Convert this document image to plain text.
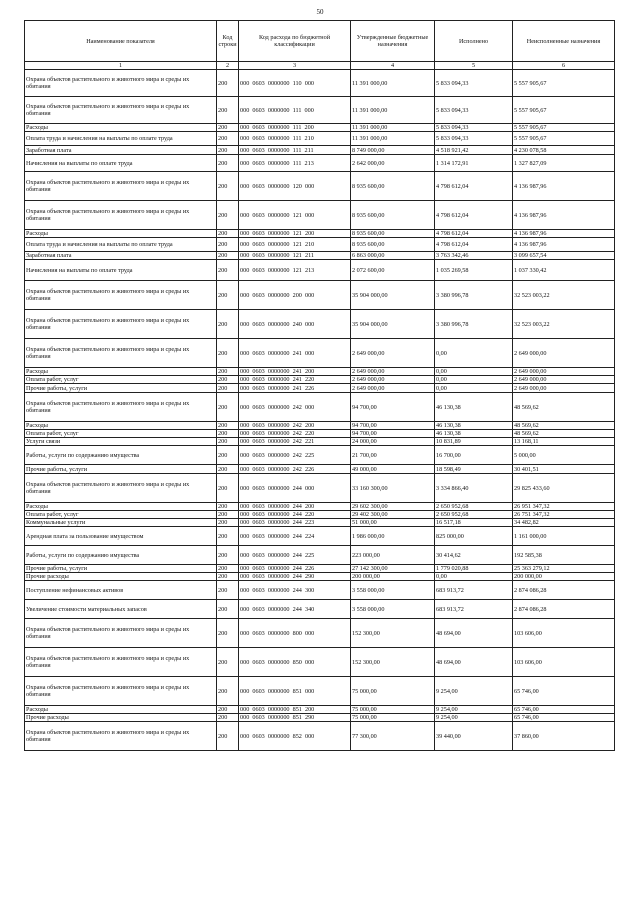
50
Наименование показателя	Код строки	Код расхода по бюджетной классификации	Утвержденные бюджетные назначения	Исполнено	Неисполненные назначения
1	2	3	4	5	6
Охрана объектов растительного и животного мира и среды их обитания	200	000  0603  0000000  110  000	11 391 000,00	5 833 094,33	5 557 905,67
Охрана объектов растительного и животного мира и среды их обитания	200	000  0603  0000000  111  000	11 391 000,00	5 833 094,33	5 557 905,67
Расходы	200	000  0603  0000000  111  200	11 391 000,00	5 833 094,33	5 557 905,67
Оплата труда и начисления на выплаты по оплате труда	200	000  0603  0000000  111  210	11 391 000,00	5 833 094,33	5 557 905,67
Заработная плата	200	000  0603  0000000  111  211	8 749 000,00	4 518 921,42	4 230 078,58
Начисления на выплаты по оплате труда	200	000  0603  0000000  111  213	2 642 000,00	1 314 172,91	1 327 827,09
Охрана объектов растительного и животного мира и среды их обитания	200	000  0603  0000000  120  000	8 935 600,00	4 798 612,04	4 136 987,96
Охрана объектов растительного и животного мира и среды их обитания	200	000  0603  0000000  121  000	8 935 600,00	4 798 612,04	4 136 987,96
Расходы	200	000  0603  0000000  121  200	8 935 600,00	4 798 612,04	4 136 987,96
Оплата труда и начисления на выплаты по оплате труда	200	000  0603  0000000  121  210	8 935 600,00	4 798 612,04	4 136 987,96
Заработная плата	200	000  0603  0000000  121  211	6 863 000,00	3 763 342,46	3 099 657,54
Начисления на выплаты по оплате труда	200	000  0603  0000000  121  213	2 072 600,00	1 035 269,58	1 037 330,42
Охрана объектов растительного и животного мира и среды их обитания	200	000  0603  0000000  200  000	35 904 000,00	3 380 996,78	32 523 003,22
Охрана объектов растительного и животного мира и среды их обитания	200	000  0603  0000000  240  000	35 904 000,00	3 380 996,78	32 523 003,22
Охрана объектов растительного и животного мира и среды их обитания	200	000  0603  0000000  241  000	2 649 000,00	0,00	2 649 000,00
Расходы	200	000  0603  0000000  241  200	2 649 000,00	0,00	2 649 000,00
Оплата работ, услуг	200	000  0603  0000000  241  220	2 649 000,00	0,00	2 649 000,00
Прочие работы, услуги	200	000  0603  0000000  241  226	2 649 000,00	0,00	2 649 000,00
Охрана объектов растительного и животного мира и среды их обитания	200	000  0603  0000000  242  000	94 700,00	46 130,38	48 569,62
Расходы	200	000  0603  0000000  242  200	94 700,00	46 130,38	48 569,62
Оплата работ, услуг	200	000  0603  0000000  242  220	94 700,00	46 130,38	48 569,62
Услуги связи	200	000  0603  0000000  242  221	24 000,00	10 831,89	13 168,11
Работы, услуги по содержанию имущества	200	000  0603  0000000  242  225	21 700,00	16 700,00	5 000,00
Прочие работы, услуги	200	000  0603  0000000  242  226	49 000,00	18 598,49	30 401,51
Охрана объектов растительного и животного мира и среды их обитания	200	000  0603  0000000  244  000	33 160 300,00	3 334 866,40	29 825 433,60
Расходы	200	000  0603  0000000  244  200	29 602 300,00	2 650 952,68	26 951 347,32
Оплата работ, услуг	200	000  0603  0000000  244  220	29 402 300,00	2 650 952,68	26 751 347,32
Коммунальные услуги	200	000  0603  0000000  244  223	51 000,00	16 517,18	34 482,82
Арендная плата за пользование имуществом	200	000  0603  0000000  244  224	1 986 000,00	825 000,00	1 161 000,00
Работы, услуги по содержанию имущества	200	000  0603  0000000  244  225	223 000,00	30 414,62	192 585,38
Прочие работы, услуги	200	000  0603  0000000  244  226	27 142 300,00	1 779 020,88	25 363 279,12
Прочие расходы	200	000  0603  0000000  244  290	200 000,00	0,00	200 000,00
Поступление нефинансовых активов	200	000  0603  0000000  244  300	3 558 000,00	683 913,72	2 874 086,28
Увеличение стоимости материальных запасов	200	000  0603  0000000  244  340	3 558 000,00	683 913,72	2 874 086,28
Охрана объектов растительного и животного мира и среды их обитания	200	000  0603  0000000  800  000	152 300,00	48 694,00	103 606,00
Охрана объектов растительного и животного мира и среды их обитания	200	000  0603  0000000  850  000	152 300,00	48 694,00	103 606,00
Охрана объектов растительного и животного мира и среды их обитания	200	000  0603  0000000  851  000	75 000,00	9 254,00	65 746,00
Расходы	200	000  0603  0000000  851  200	75 000,00	9 254,00	65 746,00
Прочие расходы	200	000  0603  0000000  851  290	75 000,00	9 254,00	65 746,00
Охрана объектов растительного и животного мира и среды их обитания	200	000  0603  0000000  852  000	77 300,00	39 440,00	37 860,00
